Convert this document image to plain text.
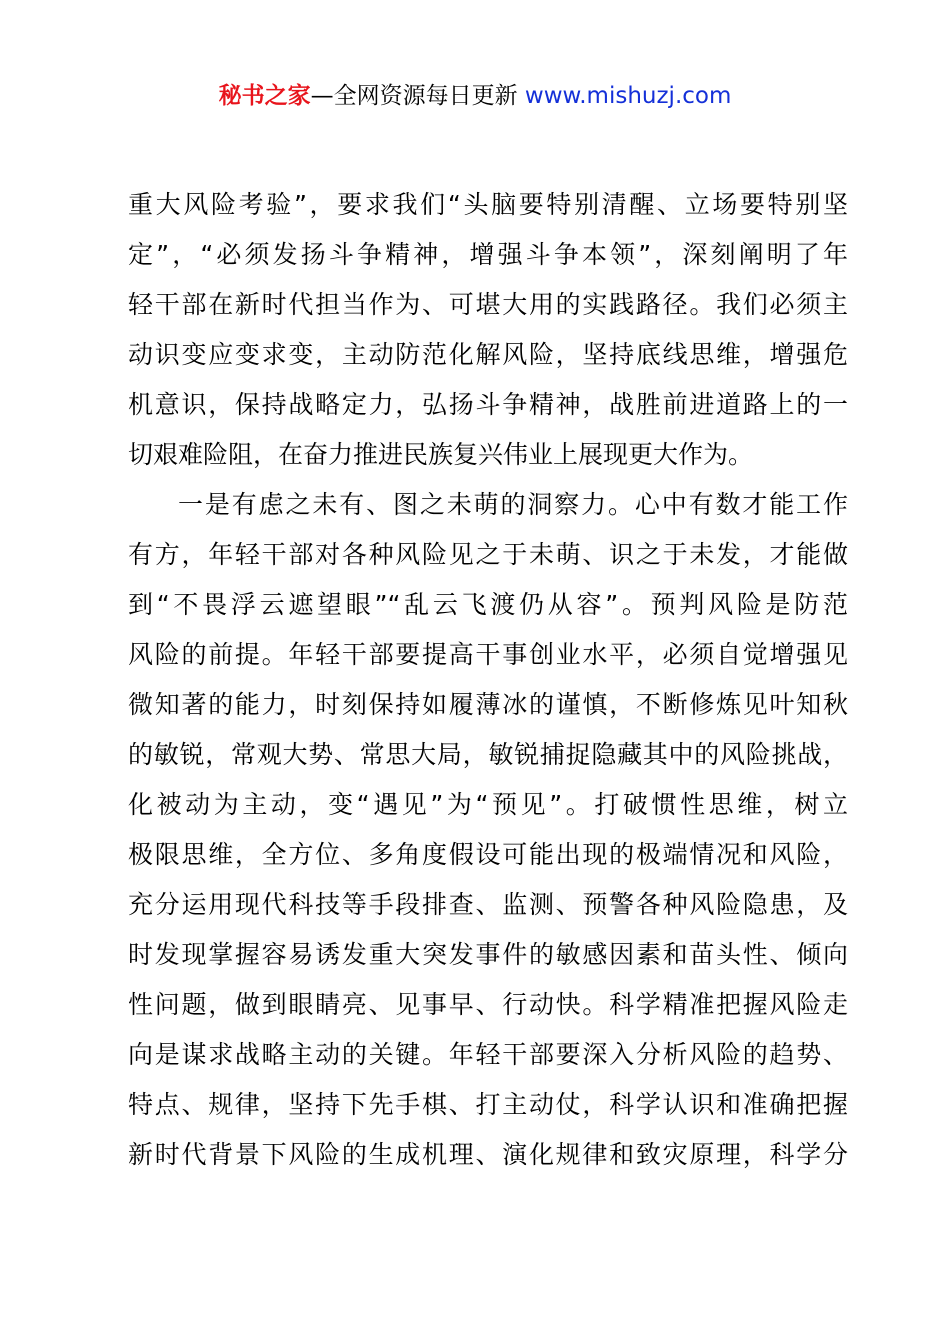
秘书之家—全网资源每日更新 www.mishuzj.com
重大风险考验”，要求我们“头脑要特别清醒、立场要特别坚
定”，“必须发扬斗争精神，增强斗争本领”，深刻阐明了年
轻干部在新时代担当作为、可堪大用的实践路径。我们必须主
动识变应变求变，主动防范化解风险，坚持底线思维，增强危
机意识，保持战略定力，弘扬斗争精神，战胜前进道路上的一
切艰难险阻，在奋力推进民族复兴伟业上展现更大作为。
一是有虑之未有、图之未萌的洞察力。心中有数才能工作
有方，年轻干部对各种风险见之于未萌、识之于未发，才能做
到“不畏浮云遮望眼”“乱云飞渡仍从容”。预判风险是防范
风险的前提。年轻干部要提高干事创业水平，必须自觉增强见
微知著的能力，时刻保持如履薄冰的谨慎，不断修炼见叶知秋
的敏锐，常观大势、常思大局，敏锐捕捉隐藏其中的风险挑战，
化被动为主动，变“遇见”为“预见”。打破惯性思维，树立
极限思维，全方位、多角度假设可能出现的极端情况和风险，
充分运用现代科技等手段排查、监测、预警各种风险隐患，及
时发现掌握容易诱发重大突发事件的敏感因素和苗头性、倾向
性问题，做到眼睛亮、见事早、行动快。科学精准把握风险走
向是谋求战略主动的关键。年轻干部要深入分析风险的趋势、
特点、规律，坚持下先手棋、打主动仗，科学认识和准确把握
新时代背景下风险的生成机理、演化规律和致灾原理，科学分
